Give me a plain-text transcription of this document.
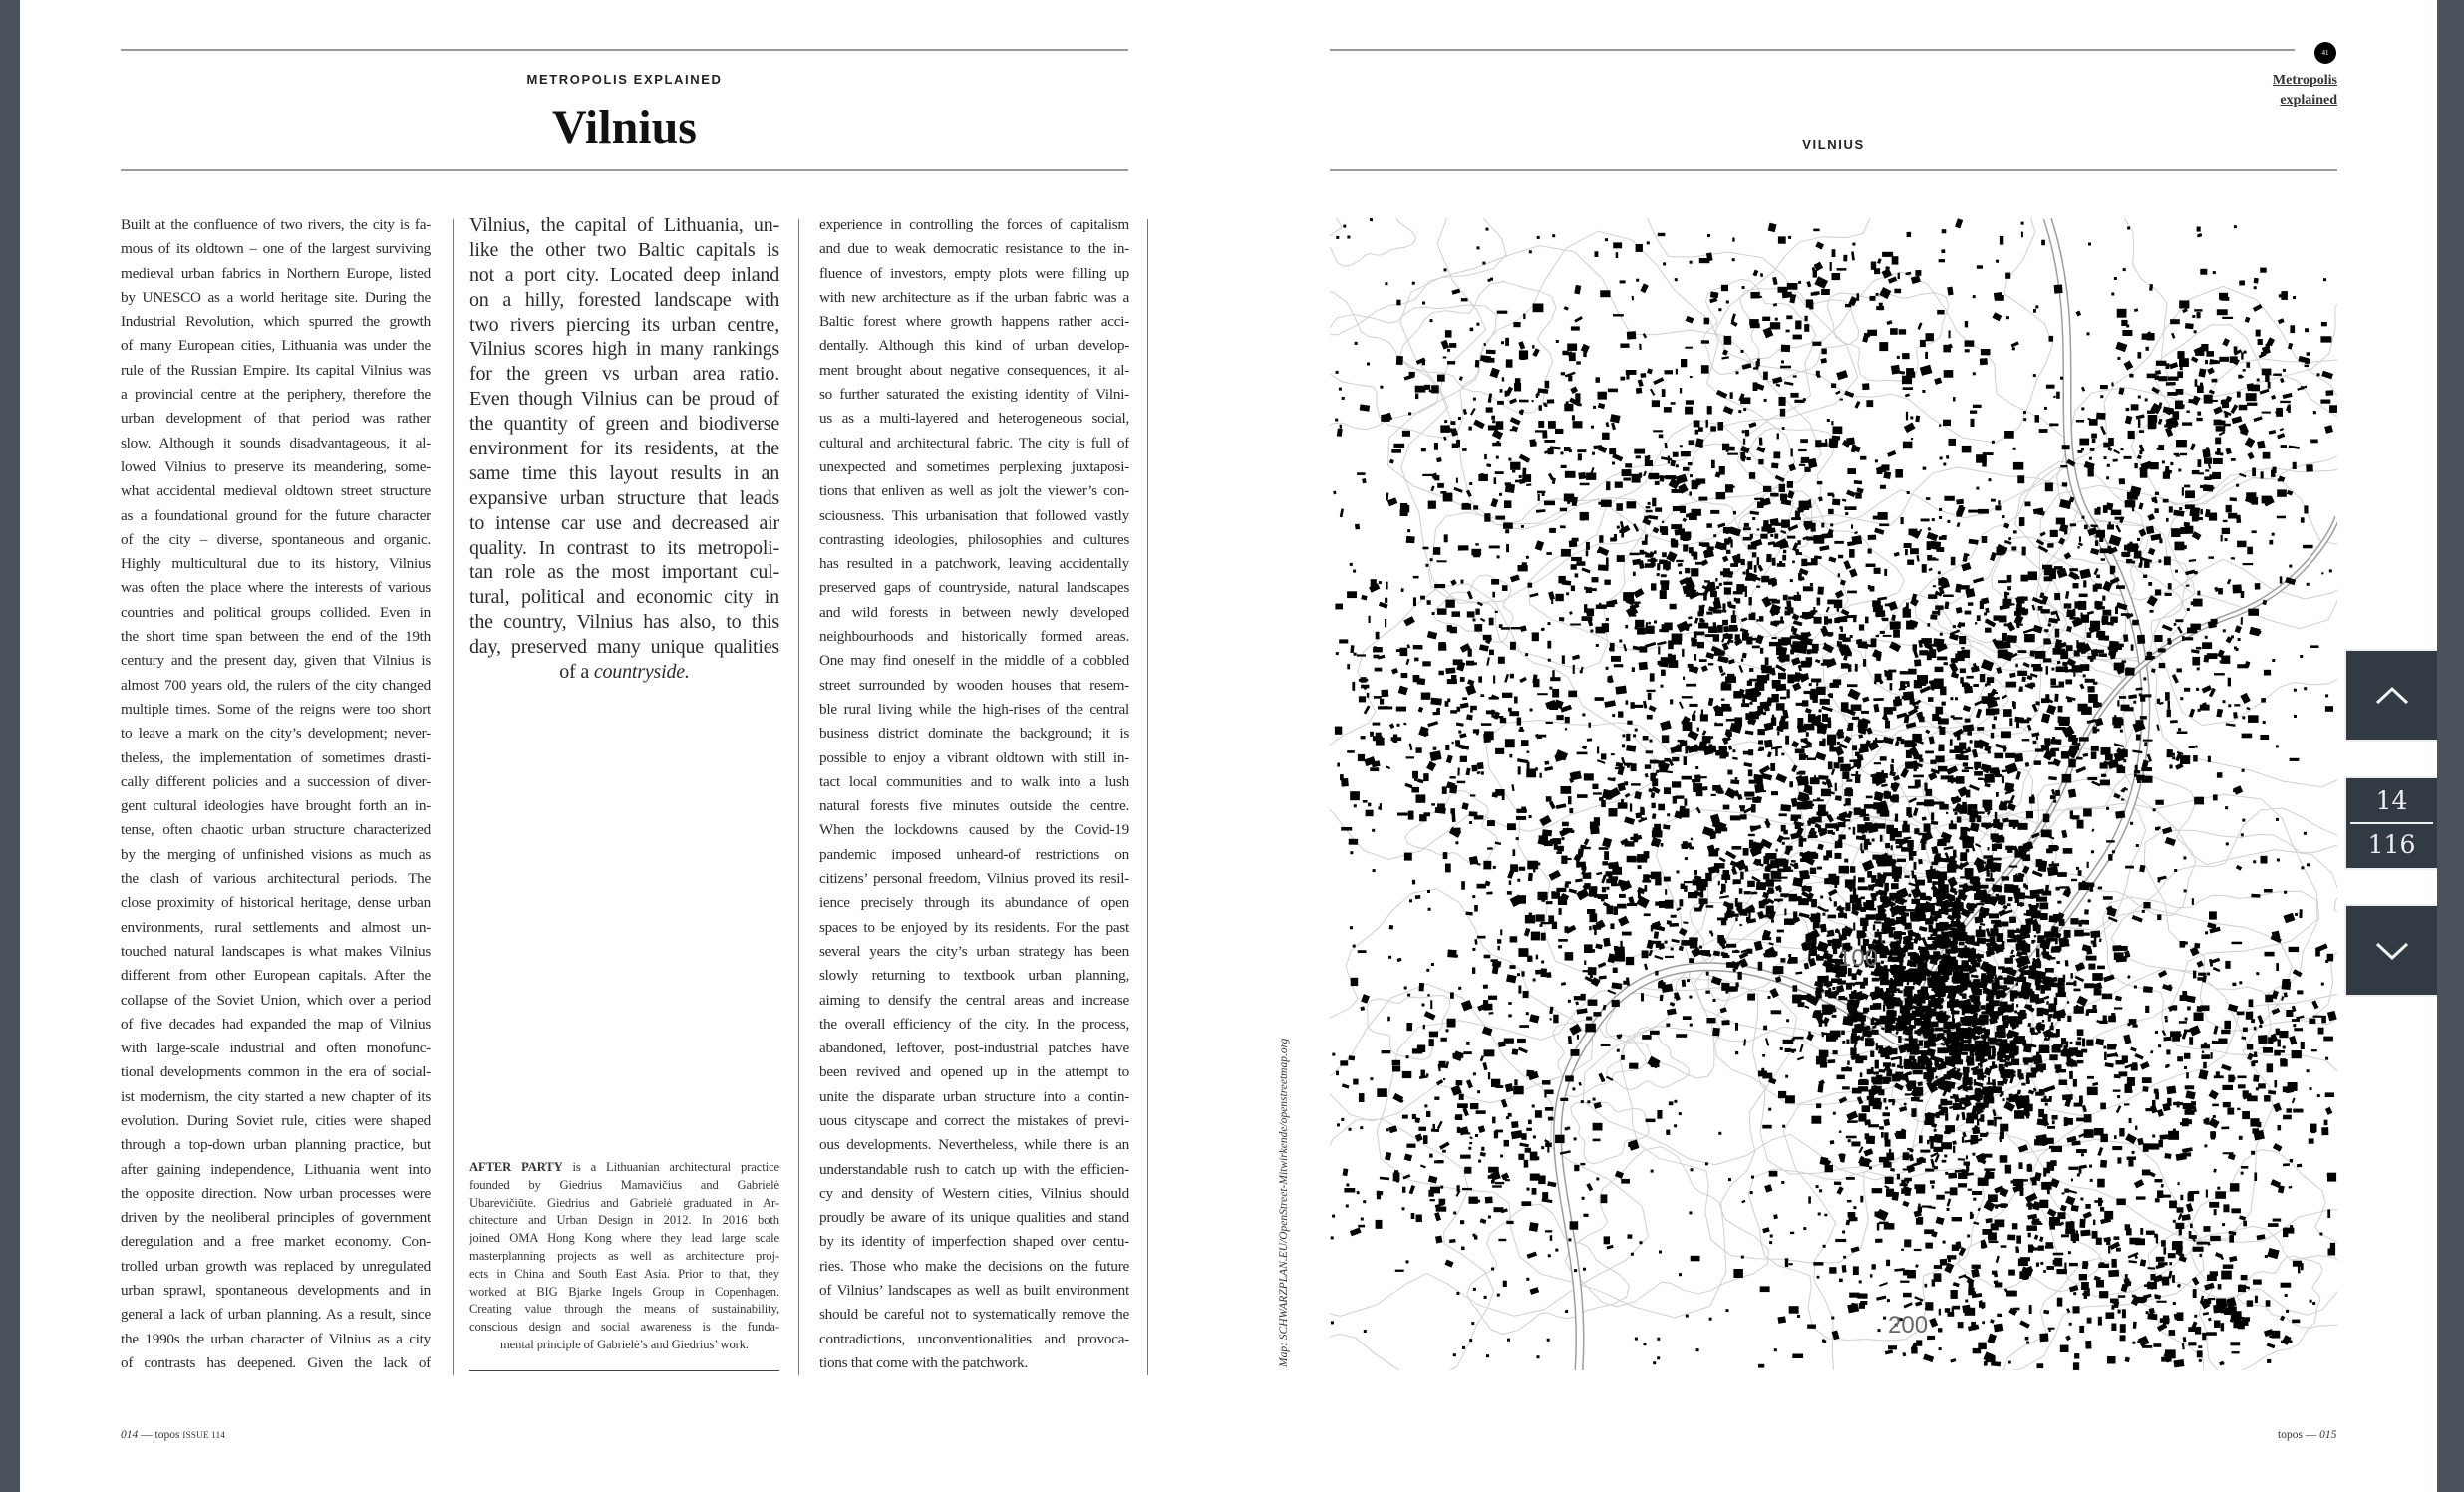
METROPOLIS EXPLAINED
Vilnius
Built at the confluence of two rivers, the city is fa-
mous of its oldtown – one of the largest surviving
medieval urban fabrics in Northern Europe, listed
by UNESCO as a world heritage site. During the
Industrial Revolution, which spurred the growth
of many European cities, Lithuania was under the
rule of the Russian Empire. Its capital Vilnius was
a provincial centre at the periphery, therefore the
urban development of that period was rather
slow. Although it sounds disadvantageous, it al-
lowed Vilnius to preserve its meandering, some-
what accidental medieval oldtown street structure
as a foundational ground for the future character
of the city – diverse, spontaneous and organic.
Highly multicultural due to its history, Vilnius
was often the place where the interests of various
countries and political groups collided. Even in
the short time span between the end of the 19th
century and the present day, given that Vilnius is
almost 700 years old, the rulers of the city changed
multiple times. Some of the reigns were too short
to leave a mark on the city’s development; never-
theless, the implementation of sometimes drasti-
cally different policies and a succession of diver-
gent cultural ideologies have brought forth an in-
tense, often chaotic urban structure characterized
by the merging of unfinished visions as much as
the clash of various architectural periods. The
close proximity of historical heritage, dense urban
environments, rural settlements and almost un-
touched natural landscapes is what makes Vilnius
different from other European capitals. After the
collapse of the Soviet Union, which over a period
of five decades had expanded the map of Vilnius
with large-scale industrial and often monofunc-
tional developments common in the era of social-
ist modernism, the city started a new chapter of its
evolution. During Soviet rule, cities were shaped
through a top-down urban planning practice, but
after gaining independence, Lithuania went into
the opposite direction. Now urban processes were
driven by the neoliberal principles of government
deregulation and a free market economy. Con-
trolled urban growth was replaced by unregulated
urban sprawl, spontaneous developments and in
general a lack of urban planning. As a result, since
the 1990s the urban character of Vilnius as a city
of contrasts has deepened. Given the lack of
Vilnius, the capital of Lithuania, un-
like the other two Baltic capitals is
not a port city. Located deep inland
on a hilly, forested landscape with
two rivers piercing its urban centre,
Vilnius scores high in many rankings
for the green vs urban area ratio.
Even though Vilnius can be proud of
the quantity of green and biodiverse
environment for its residents, at the
same time this layout results in an
expansive urban structure that leads
to intense car use and decreased air
quality. In contrast to its metropoli-
tan role as the most important cul-
tural, political and economic city in
the country, Vilnius has also, to this
day, preserved many unique qualities
of a countryside.
AFTER PARTY is a Lithuanian architectural practice
founded by Giedrius Mamavičius and Gabrielė
Ubarevičiūte. Giedrius and Gabrielė graduated in Ar-
chitecture and Urban Design in 2012. In 2016 both
joined OMA Hong Kong where they lead large scale
masterplanning projects as well as architecture proj-
ects in China and South East Asia. Prior to that, they
worked at BIG Bjarke Ingels Group in Copenhagen.
Creating value through the means of sustainability,
conscious design and social awareness is the funda-
mental principle of Gabrielė’s and Giedrius’ work.
experience in controlling the forces of capitalism
and due to weak democratic resistance to the in-
fluence of investors, empty plots were filling up
with new architecture as if the urban fabric was a
Baltic forest where growth happens rather acci-
dentally. Although this kind of urban develop-
ment brought about negative consequences, it al-
so further saturated the existing identity of Vilni-
us as a multi-layered and heterogeneous social,
cultural and architectural fabric. The city is full of
unexpected and sometimes perplexing juxtaposi-
tions that enliven as well as jolt the viewer’s con-
sciousness. This urbanisation that followed vastly
contrasting ideologies, philosophies and cultures
has resulted in a patchwork, leaving accidentally
preserved gaps of countryside, natural landscapes
and wild forests in between newly developed
neighbourhoods and historically formed areas.
One may find oneself in the middle of a cobbled
street surrounded by wooden houses that resem-
ble rural living while the high-rises of the central
business district dominate the background; it is
possible to enjoy a vibrant oldtown with still in-
tact local communities and to walk into a lush
natural forests five minutes outside the centre.
When the lockdowns caused by the Covid-19
pandemic imposed unheard-of restrictions on
citizens’ personal freedom, Vilnius proved its resil-
ience precisely through its abundance of open
spaces to be enjoyed by its residents. For the past
several years the city’s urban strategy has been
slowly returning to textbook urban planning,
aiming to densify the central areas and increase
the overall efficiency of the city. In the process,
abandoned, leftover, post-industrial patches have
been revived and opened up in the attempt to
unite the disparate urban structure into a contin-
uous cityscape and correct the mistakes of previ-
ous developments. Nevertheless, while there is an
understandable rush to catch up with the efficien-
cy and density of Western cities, Vilnius should
proudly be aware of its unique qualities and stand
by its identity of imperfection shaped over centu-
ries. Those who make the decisions on the future
of Vilnius’ landscapes as well as built environment
should be careful not to systematically remove the
contradictions, unconventionalities and provoca-
tions that come with the patchwork.
014 — topos ISSUE 114
41
Metropolis
explained
VILNIUS
Map: SCHWARZPLAN.EU/OpenStreet-Mitwirkende/openstreetmap.org
100
200
topos — 015
14
116
